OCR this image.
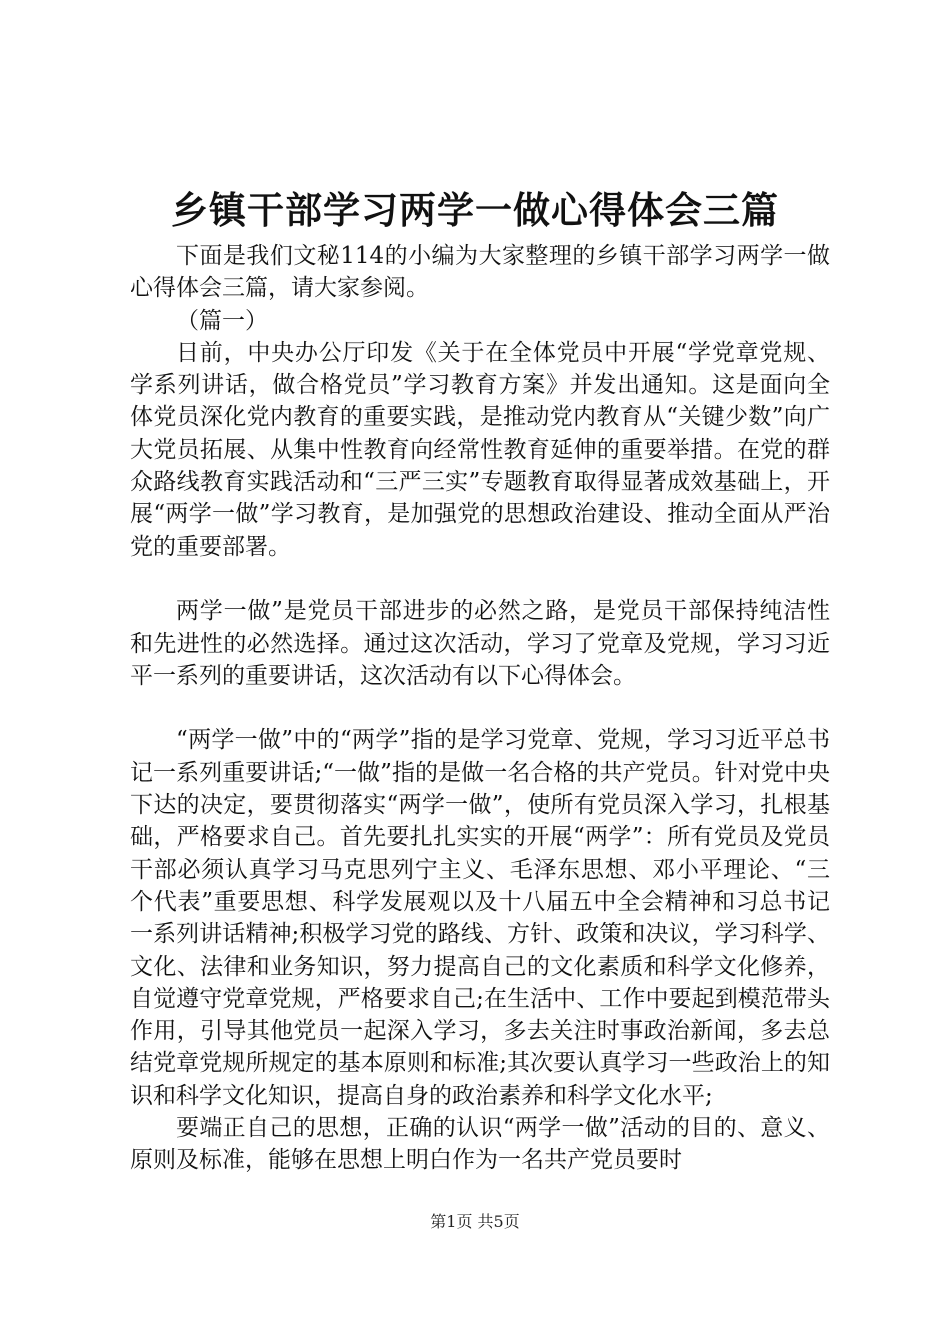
乡镇干部学习两学一做心得体会三篇

下面是我们文秘114的小编为大家整理的乡镇干部学习两学一做心得体会三篇，请大家参阅。

（篇一）

日前，中央办公厅印发《关于在全体党员中开展“学党章党规、学系列讲话，做合格党员”学习教育方案》并发出通知。这是面向全体党员深化党内教育的重要实践，是推动党内教育从“关键少数”向广大党员拓展、从集中性教育向经常性教育延伸的重要举措。在党的群众路线教育实践活动和“三严三实”专题教育取得显著成效基础上，开展“两学一做”学习教育，是加强党的思想政治建设、推动全面从严治党的重要部署。

两学一做”是党员干部进步的必然之路，是党员干部保持纯洁性和先进性的必然选择。通过这次活动，学习了党章及党规，学习习近平一系列的重要讲话，这次活动有以下心得体会。

“两学一做”中的“两学”指的是学习党章、党规，学习习近平总书记一系列重要讲话;“一做”指的是做一名合格的共产党员。针对党中央下达的决定，要贯彻落实“两学一做”，使所有党员深入学习，扎根基础，严格要求自己。首先要扎扎实实的开展“两学”：所有党员及党员干部必须认真学习马克思列宁主义、毛泽东思想、邓小平理论、“三个代表”重要思想、科学发展观以及十八届五中全会精神和习总书记一系列讲话精神;积极学习党的路线、方针、政策和决议，学习科学、文化、法律和业务知识，努力提高自己的文化素质和科学文化修养，自觉遵守党章党规，严格要求自己;在生活中、工作中要起到模范带头作用，引导其他党员一起深入学习，多去关注时事政治新闻，多去总结党章党规所规定的基本原则和标准;其次要认真学习一些政治上的知识和科学文化知识，提高自身的政治素养和科学文化水平;

要端正自己的思想，正确的认识“两学一做”活动的目的、意义、原则及标准，能够在思想上明白作为一名共产党员要时

第1页 共5页
